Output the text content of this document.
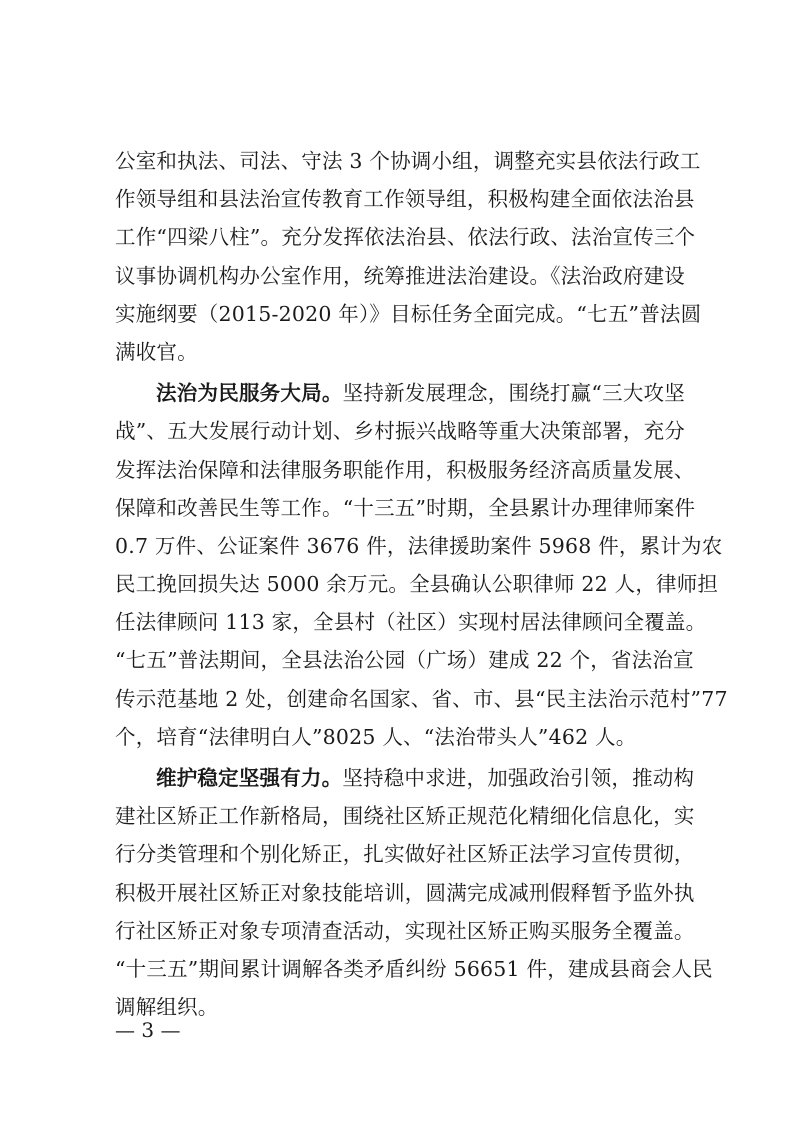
公室和执法、司法、守法 3 个协调小组，调整充实县依法行政工
作领导组和县法治宣传教育工作领导组，积极构建全面依法治县
工作“四梁八柱”。充分发挥依法治县、依法行政、法治宣传三个
议事协调机构办公室作用，统筹推进法治建设。《法治政府建设
实施纲要（2015-2020 年）》目标任务全面完成。“七五”普法圆
满收官。
法治为民服务大局。坚持新发展理念，围绕打赢“三大攻坚
战”、五大发展行动计划、乡村振兴战略等重大决策部署，充分
发挥法治保障和法律服务职能作用，积极服务经济高质量发展、
保障和改善民生等工作。“十三五”时期，全县累计办理律师案件
0.7 万件、公证案件 3676 件，法律援助案件 5968 件，累计为农
民工挽回损失达 5000 余万元。全县确认公职律师 22 人，律师担
任法律顾问 113 家，全县村（社区）实现村居法律顾问全覆盖。
“七五”普法期间，全县法治公园（广场）建成 22 个，省法治宣
传示范基地 2 处，创建命名国家、省、市、县“民主法治示范村”77
个，培育“法律明白人”8025 人、“法治带头人”462 人。
维护稳定坚强有力。坚持稳中求进，加强政治引领，推动构
建社区矫正工作新格局，围绕社区矫正规范化精细化信息化，实
行分类管理和个别化矫正，扎实做好社区矫正法学习宣传贯彻，
积极开展社区矫正对象技能培训，圆满完成减刑假释暂予监外执
行社区矫正对象专项清查活动，实现社区矫正购买服务全覆盖。
“十三五”期间累计调解各类矛盾纠纷 56651 件，建成县商会人民
调解组织。
— 3 —
